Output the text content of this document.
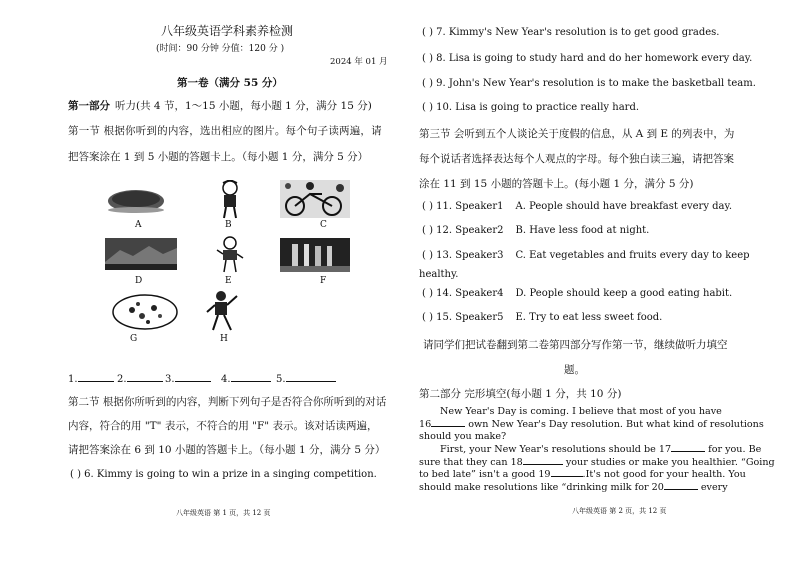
八年级英语学科素养检测
(时间：90 分钟 分值：120 分 )
2024 年 01 月
第一卷（满分 55 分）
第一部分 听力(共 4 节，1～15 小题，每小题 1 分，满分 15 分)
第一节 根据你听到的内容，选出相应的图片。每个句子读两遍，请
把答案涂在 1 到 5 小题的答题卡上。（每小题 1 分，满分 5 分）
A	B	C
D	E	F
G	H
1.	2.	3.	4.	5.
第二节 根据你所听到的内容，判断下列句子是否符合你所听到的对话
内容，符合的用 "T" 表示，不符合的用 "F" 表示。该对话读两遍，
请把答案涂在 6 到 10 小题的答题卡上。（每小题 1 分，满分 5 分）
( ) 6. Kimmy is going to win a prize in a singing competition.
八年级英语 第 1 页，共 12 页
( ) 7. Kimmy's New Year's resolution is to get good grades.
( ) 8. Lisa is going to study hard and do her homework every day.
( ) 9. John's New Year's resolution is to make the basketball team.
( ) 10. Lisa is going to practice really hard.
第三节 会听到五个人谈论关于度假的信息，从 A 到 E 的列表中，为
每个说话者选择表达每个人观点的字母。每个独白读三遍，请把答案
涂在 11 到 15 小题的答题卡上。(每小题 1 分，满分 5 分)
( ) 11. Speaker1 A. People should have breakfast every day.
( ) 12. Speaker2 B. Have less food at night.
( ) 13. Speaker3 C. Eat vegetables and fruits every day to keep
healthy.
( ) 14. Speaker4 D. People should keep a good eating habit.
( ) 15. Speaker5 E. Try to eat less sweet food.
请同学们把试卷翻到第二卷第四部分写作第一节，继续做听力填空
题。
第二部分 完形填空(每小题 1 分，共 10 分)
New Year's Day is coming. I believe that most of you have
16	own New Year's Day resolution. But what kind of resolutions
should you make?
First, your New Year's resolutions should be 17	for you. Be
sure that they can 18	your studies or make you healthier. “Going
to bed late” isn't a good 19	.It's not good for your health. You
should make resolutions like “drinking milk for 20	every
八年级英语 第 2 页，共 12 页
